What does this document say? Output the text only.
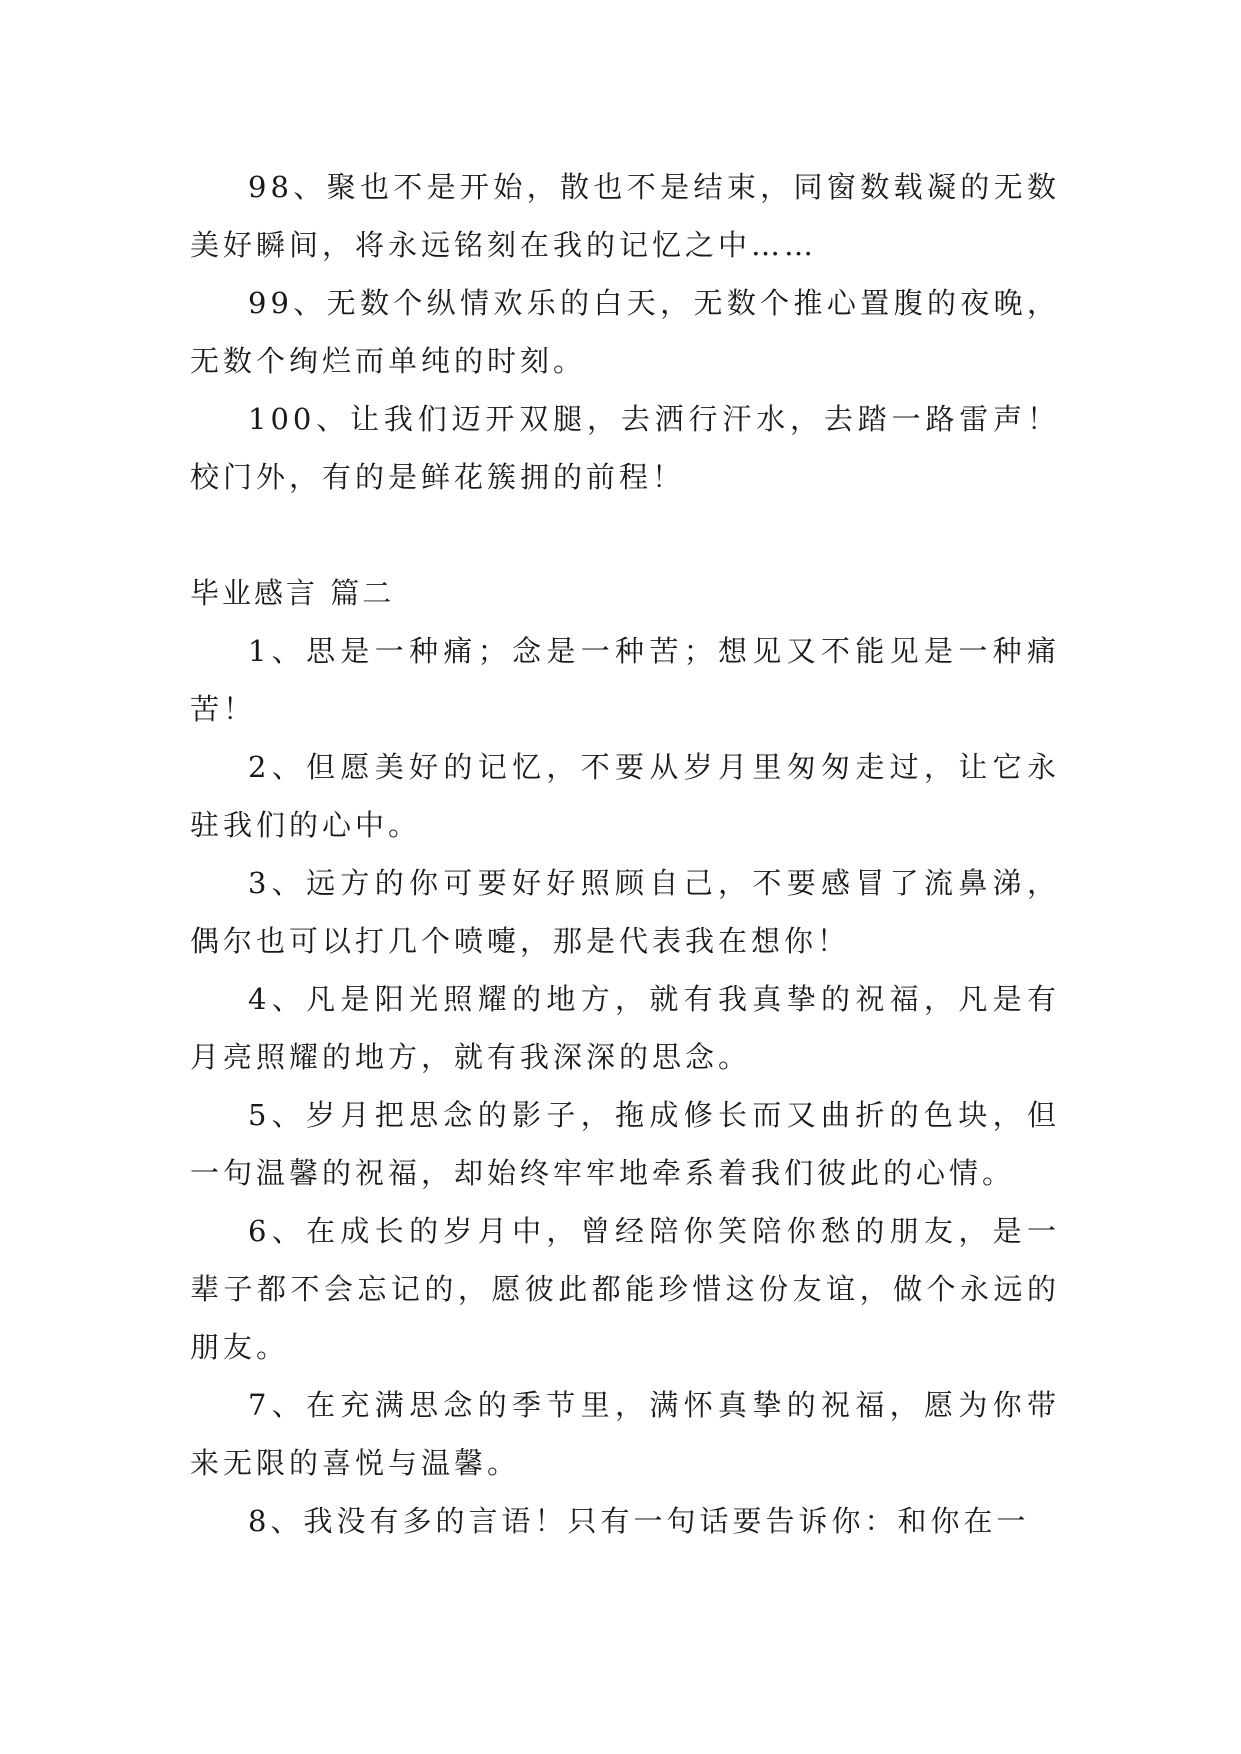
98、聚也不是开始，散也不是结束，同窗数载凝的无数美好瞬间，将永远铭刻在我的记忆之中……

99、无数个纵情欢乐的白天，无数个推心置腹的夜晚，无数个绚烂而单纯的时刻。

100、让我们迈开双腿，去洒行汗水，去踏一路雷声！校门外，有的是鲜花簇拥的前程！

毕业感言 篇二

1、思是一种痛；念是一种苦；想见又不能见是一种痛苦！

2、但愿美好的记忆，不要从岁月里匆匆走过，让它永驻我们的心中。

3、远方的你可要好好照顾自己，不要感冒了流鼻涕，偶尔也可以打几个喷嚏，那是代表我在想你！

4、凡是阳光照耀的地方，就有我真挚的祝福，凡是有月亮照耀的地方，就有我深深的思念。

5、岁月把思念的影子，拖成修长而又曲折的色块，但一句温馨的祝福，却始终牢牢地牵系着我们彼此的心情。

6、在成长的岁月中，曾经陪你笑陪你愁的朋友，是一辈子都不会忘记的，愿彼此都能珍惜这份友谊，做个永远的朋友。

7、在充满思念的季节里，满怀真挚的祝福，愿为你带来无限的喜悦与温馨。

8、我没有多的言语！只有一句话要告诉你：和你在一
